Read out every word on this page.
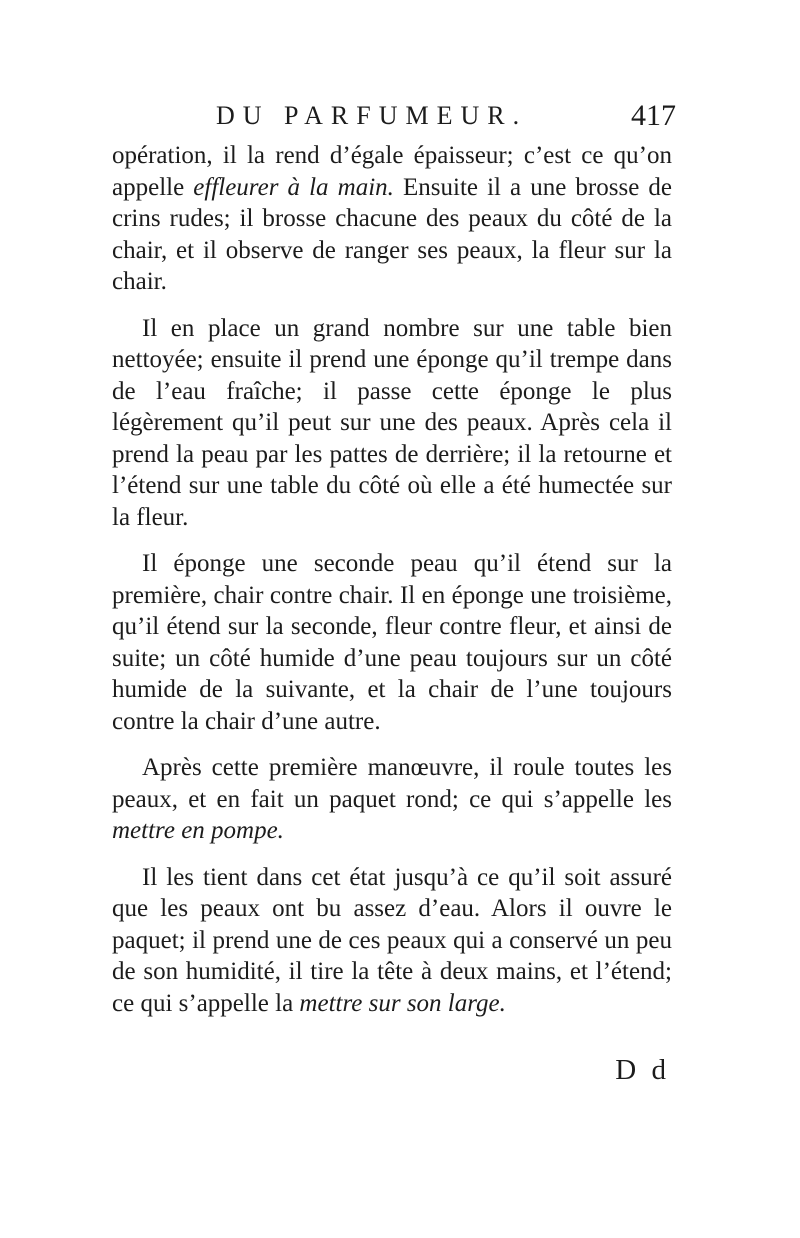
DU PARFUMEUR.	417

opération, il la rend d’égale épaisseur; c’est ce qu’on appelle effleurer à la main. Ensuite il a une brosse de crins rudes; il brosse chacune des peaux du côté de la chair, et il observe de ranger ses peaux, la fleur sur la chair.

Il en place un grand nombre sur une table bien nettoyée; ensuite il prend une éponge qu’il trempe dans de l’eau fraîche; il passe cette éponge le plus légèrement qu’il peut sur une des peaux. Après cela il prend la peau par les pattes de derrière; il la retourne et l’étend sur une table du côté où elle a été humectée sur la fleur.

Il éponge une seconde peau qu’il étend sur la première, chair contre chair. Il en éponge une troisième, qu’il étend sur la seconde, fleur contre fleur, et ainsi de suite; un côté humide d’une peau toujours sur un côté humide de la suivante, et la chair de l’une toujours contre la chair d’une autre.

Après cette première manœuvre, il roule toutes les peaux, et en fait un paquet rond; ce qui s’appelle les mettre en pompe.

Il les tient dans cet état jusqu’à ce qu’il soit assuré que les peaux ont bu assez d’eau. Alors il ouvre le paquet; il prend une de ces peaux qui a conservé un peu de son humidité, il tire la tête à deux mains, et l’étend; ce qui s’appelle la mettre sur son large.

D d
